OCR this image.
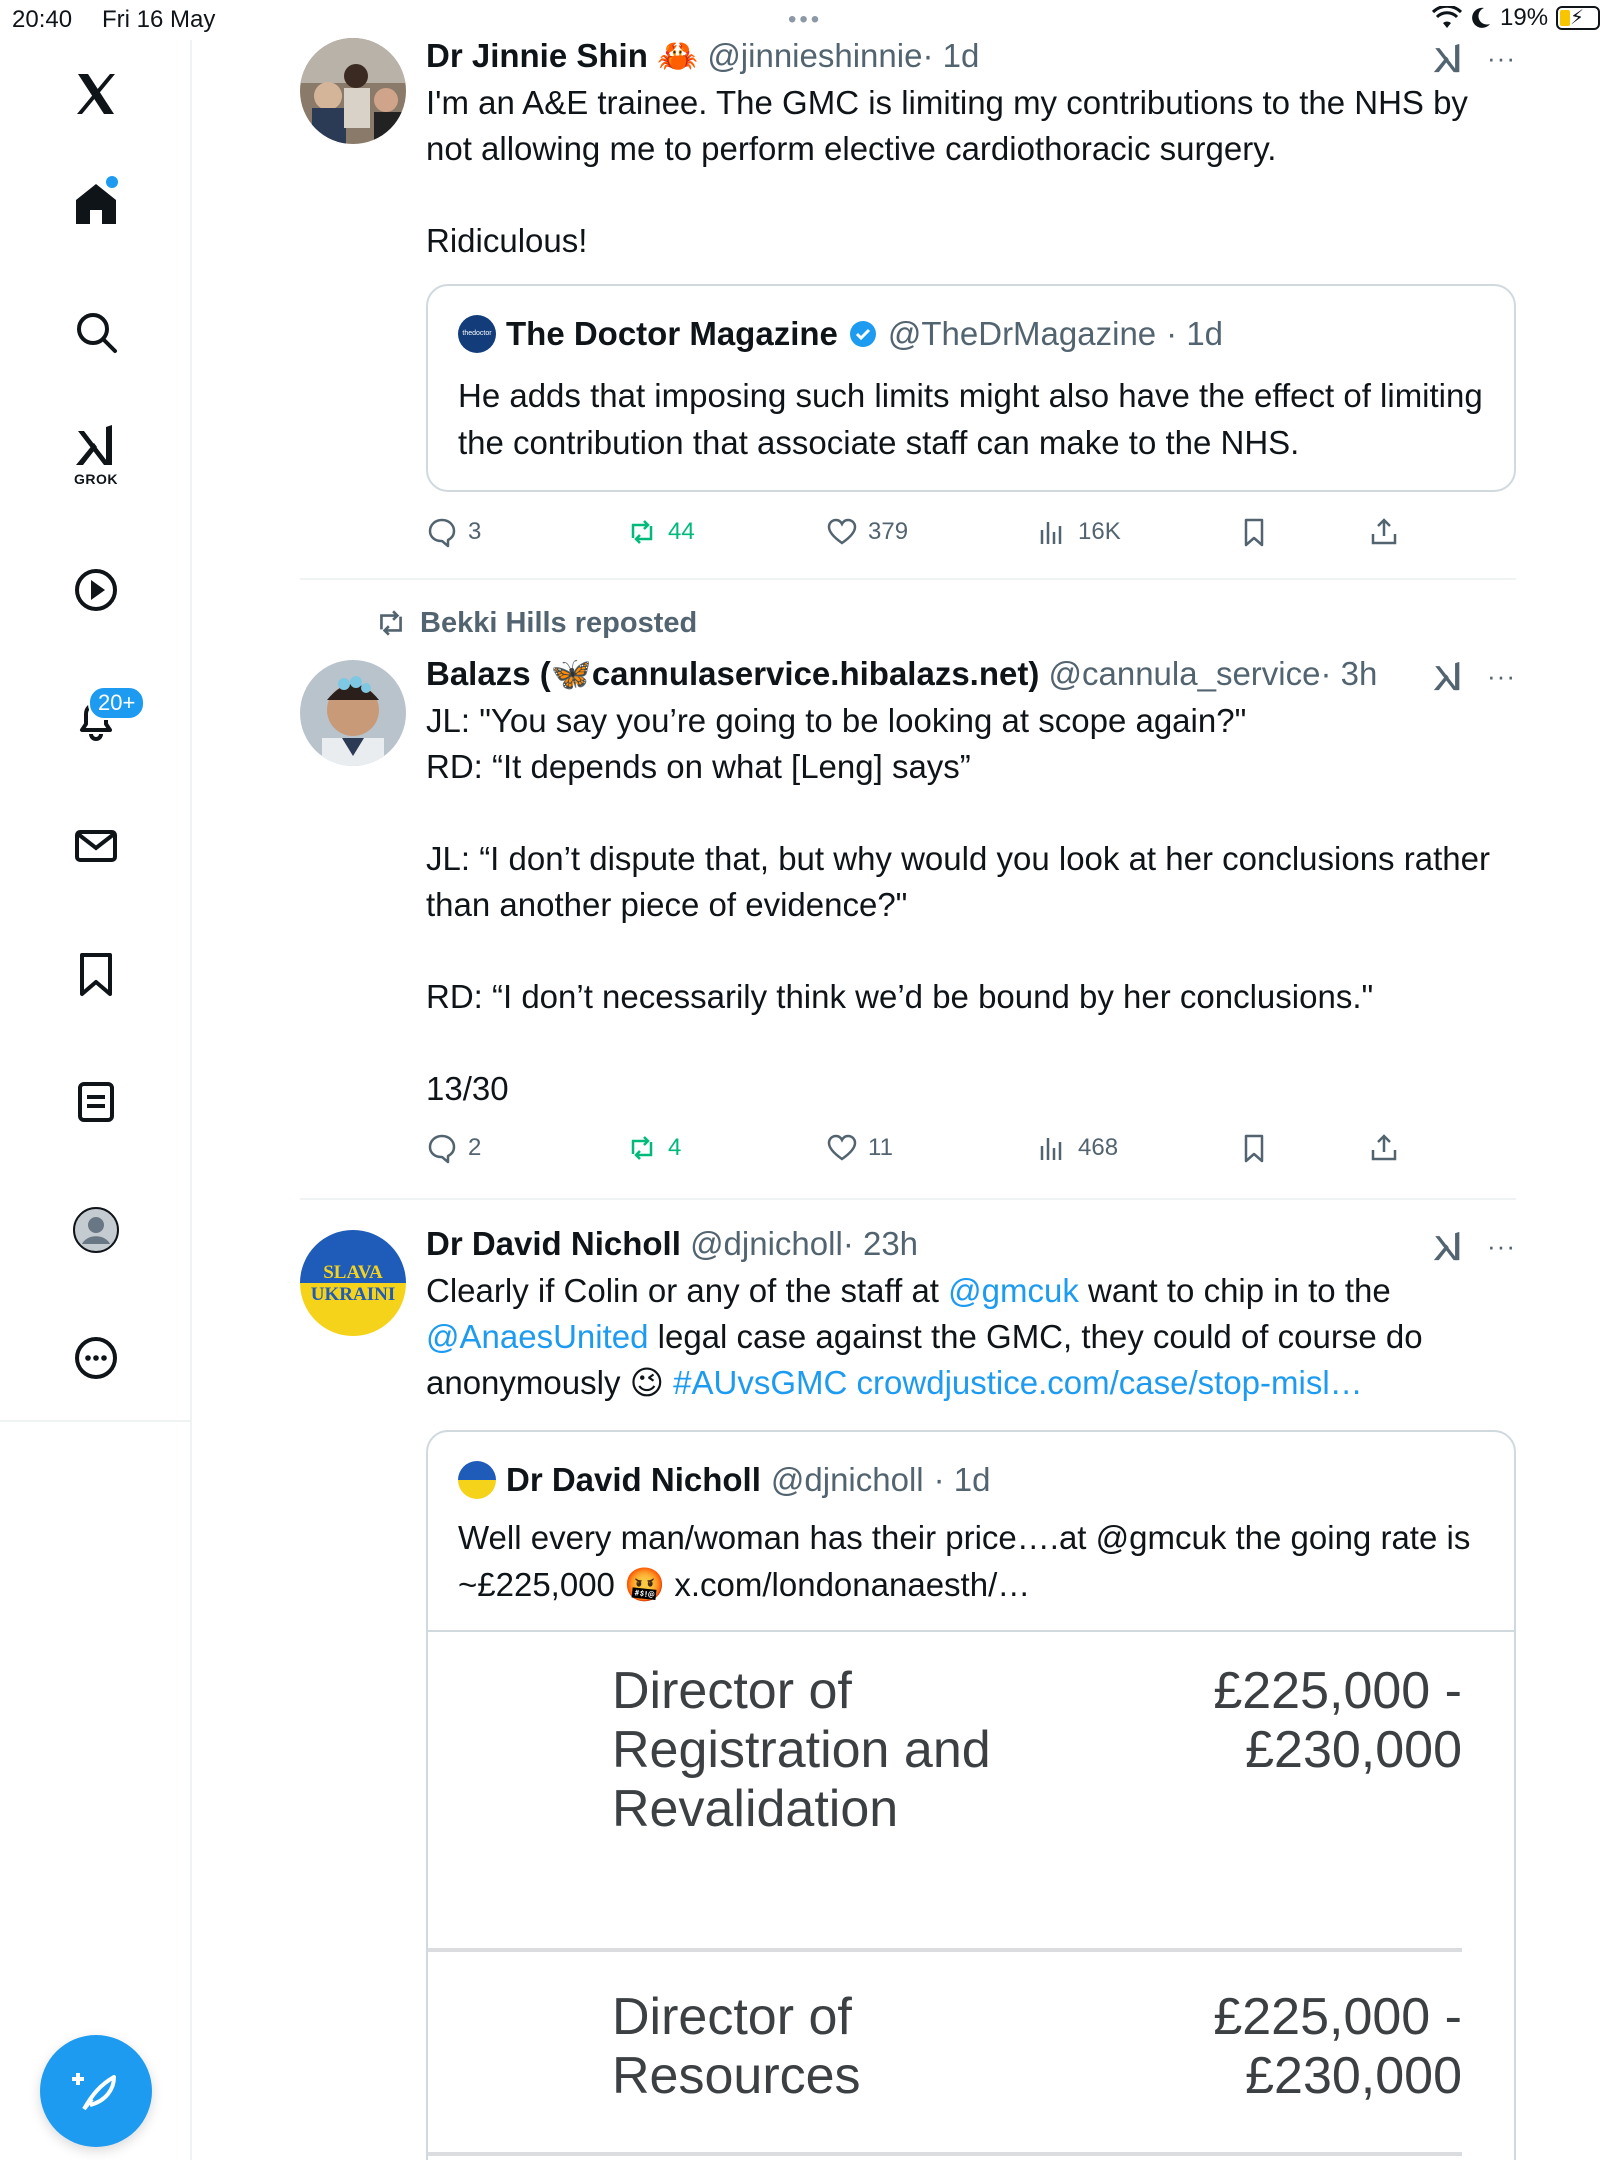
20:40 Fri 16 May	•••	19% ⚡
GROK
20+
Dr Jinnie Shin 🦀 @jinnieshinnie· 1d	···
I'm an A&E trainee. The GMC is limiting my contributions to the NHS by not allowing me to perform elective cardiothoracic surgery.

Ridiculous!
thedoctor The Doctor Magazine @TheDrMagazine · 1d
He adds that imposing such limits might also have the effect of limiting the contribution that associate staff can make to the NHS.
3	44	379	16K
Bekki Hills reposted
Balazs (🦋cannulaservice.hibalazs.net) @cannula_service· 3h	···
JL: "You say you’re going to be looking at scope again?"
RD: “It depends on what [Leng] says”

JL: “I don’t dispute that, but why would you look at her conclusions rather than another piece of evidence?"

RD: “I don’t necessarily think we’d be bound by her conclusions."

13/30
2	4	11	468
SLAVA
UKRAINI
Dr David Nicholl @djnicholl· 23h	···
Clearly if Colin or any of the staff at @gmcuk want to chip in to the @AnaesUnited legal case against the GMC, they could of course do anonymously 😉 #AUvsGMC crowdjustice.com/case/stop-misl…
Dr David Nicholl @djnicholl · 1d
Well every man/woman has their price….at @gmcuk the going rate is ~£225,000 🤬 x.com/londonanaesth/…
Director of Registration and Revalidation
£225,000 - £230,000
Director of Resources
£225,000 - £230,000
